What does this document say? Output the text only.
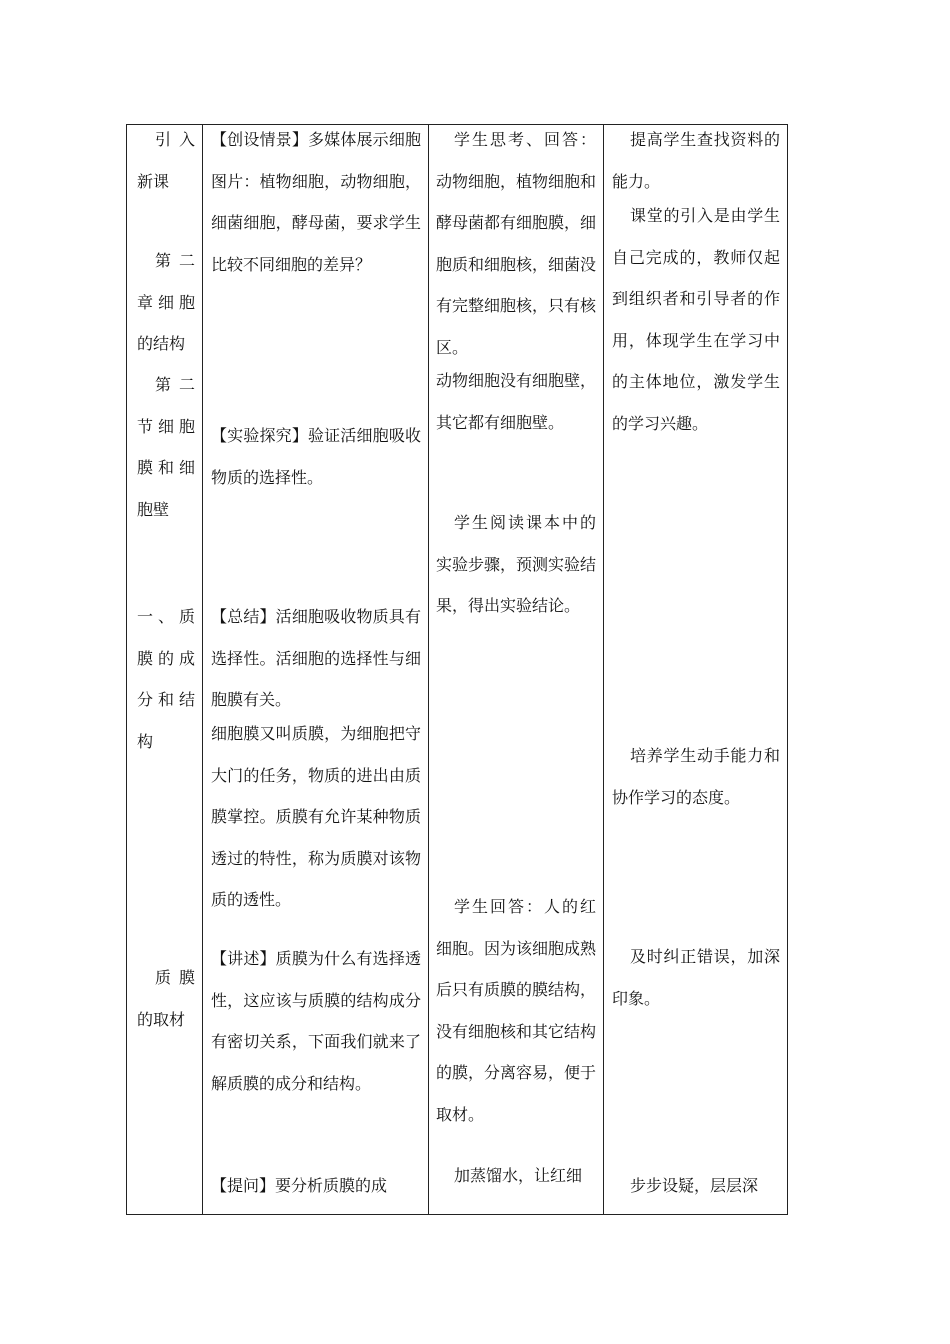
引入新课
第二章细胞的结构
第二节细胞膜和细胞壁
一、质膜的成分和结构
质膜的取材
【创设情景】多媒体展示细胞图片：植物细胞，动物细胞，细菌细胞，酵母菌，要求学生比较不同细胞的差异？
【实验探究】验证活细胞吸收物质的选择性。
【总结】活细胞吸收物质具有选择性。活细胞的选择性与细胞膜有关。
细胞膜又叫质膜，为细胞把守大门的任务，物质的进出由质膜掌控。质膜有允许某种物质透过的特性，称为质膜对该物质的透性。
【讲述】质膜为什么有选择透性，这应该与质膜的结构成分有密切关系，下面我们就来了解质膜的成分和结构。
【提问】要分析质膜的成
学生思考、回答：动物细胞，植物细胞和酵母菌都有细胞膜，细胞质和细胞核，细菌没有完整细胞核，只有核区。
动物细胞没有细胞壁，其它都有细胞壁。
学生阅读课本中的实验步骤，预测实验结果，得出实验结论。
学生回答：人的红细胞。因为该细胞成熟后只有质膜的膜结构，没有细胞核和其它结构的膜，分离容易，便于取材。
加蒸馏水，让红细
提高学生查找资料的能力。
课堂的引入是由学生自己完成的，教师仅起到组织者和引导者的作用，体现学生在学习中的主体地位，激发学生的学习兴趣。
培养学生动手能力和协作学习的态度。
及时纠正错误，加深印象。
步步设疑，层层深
